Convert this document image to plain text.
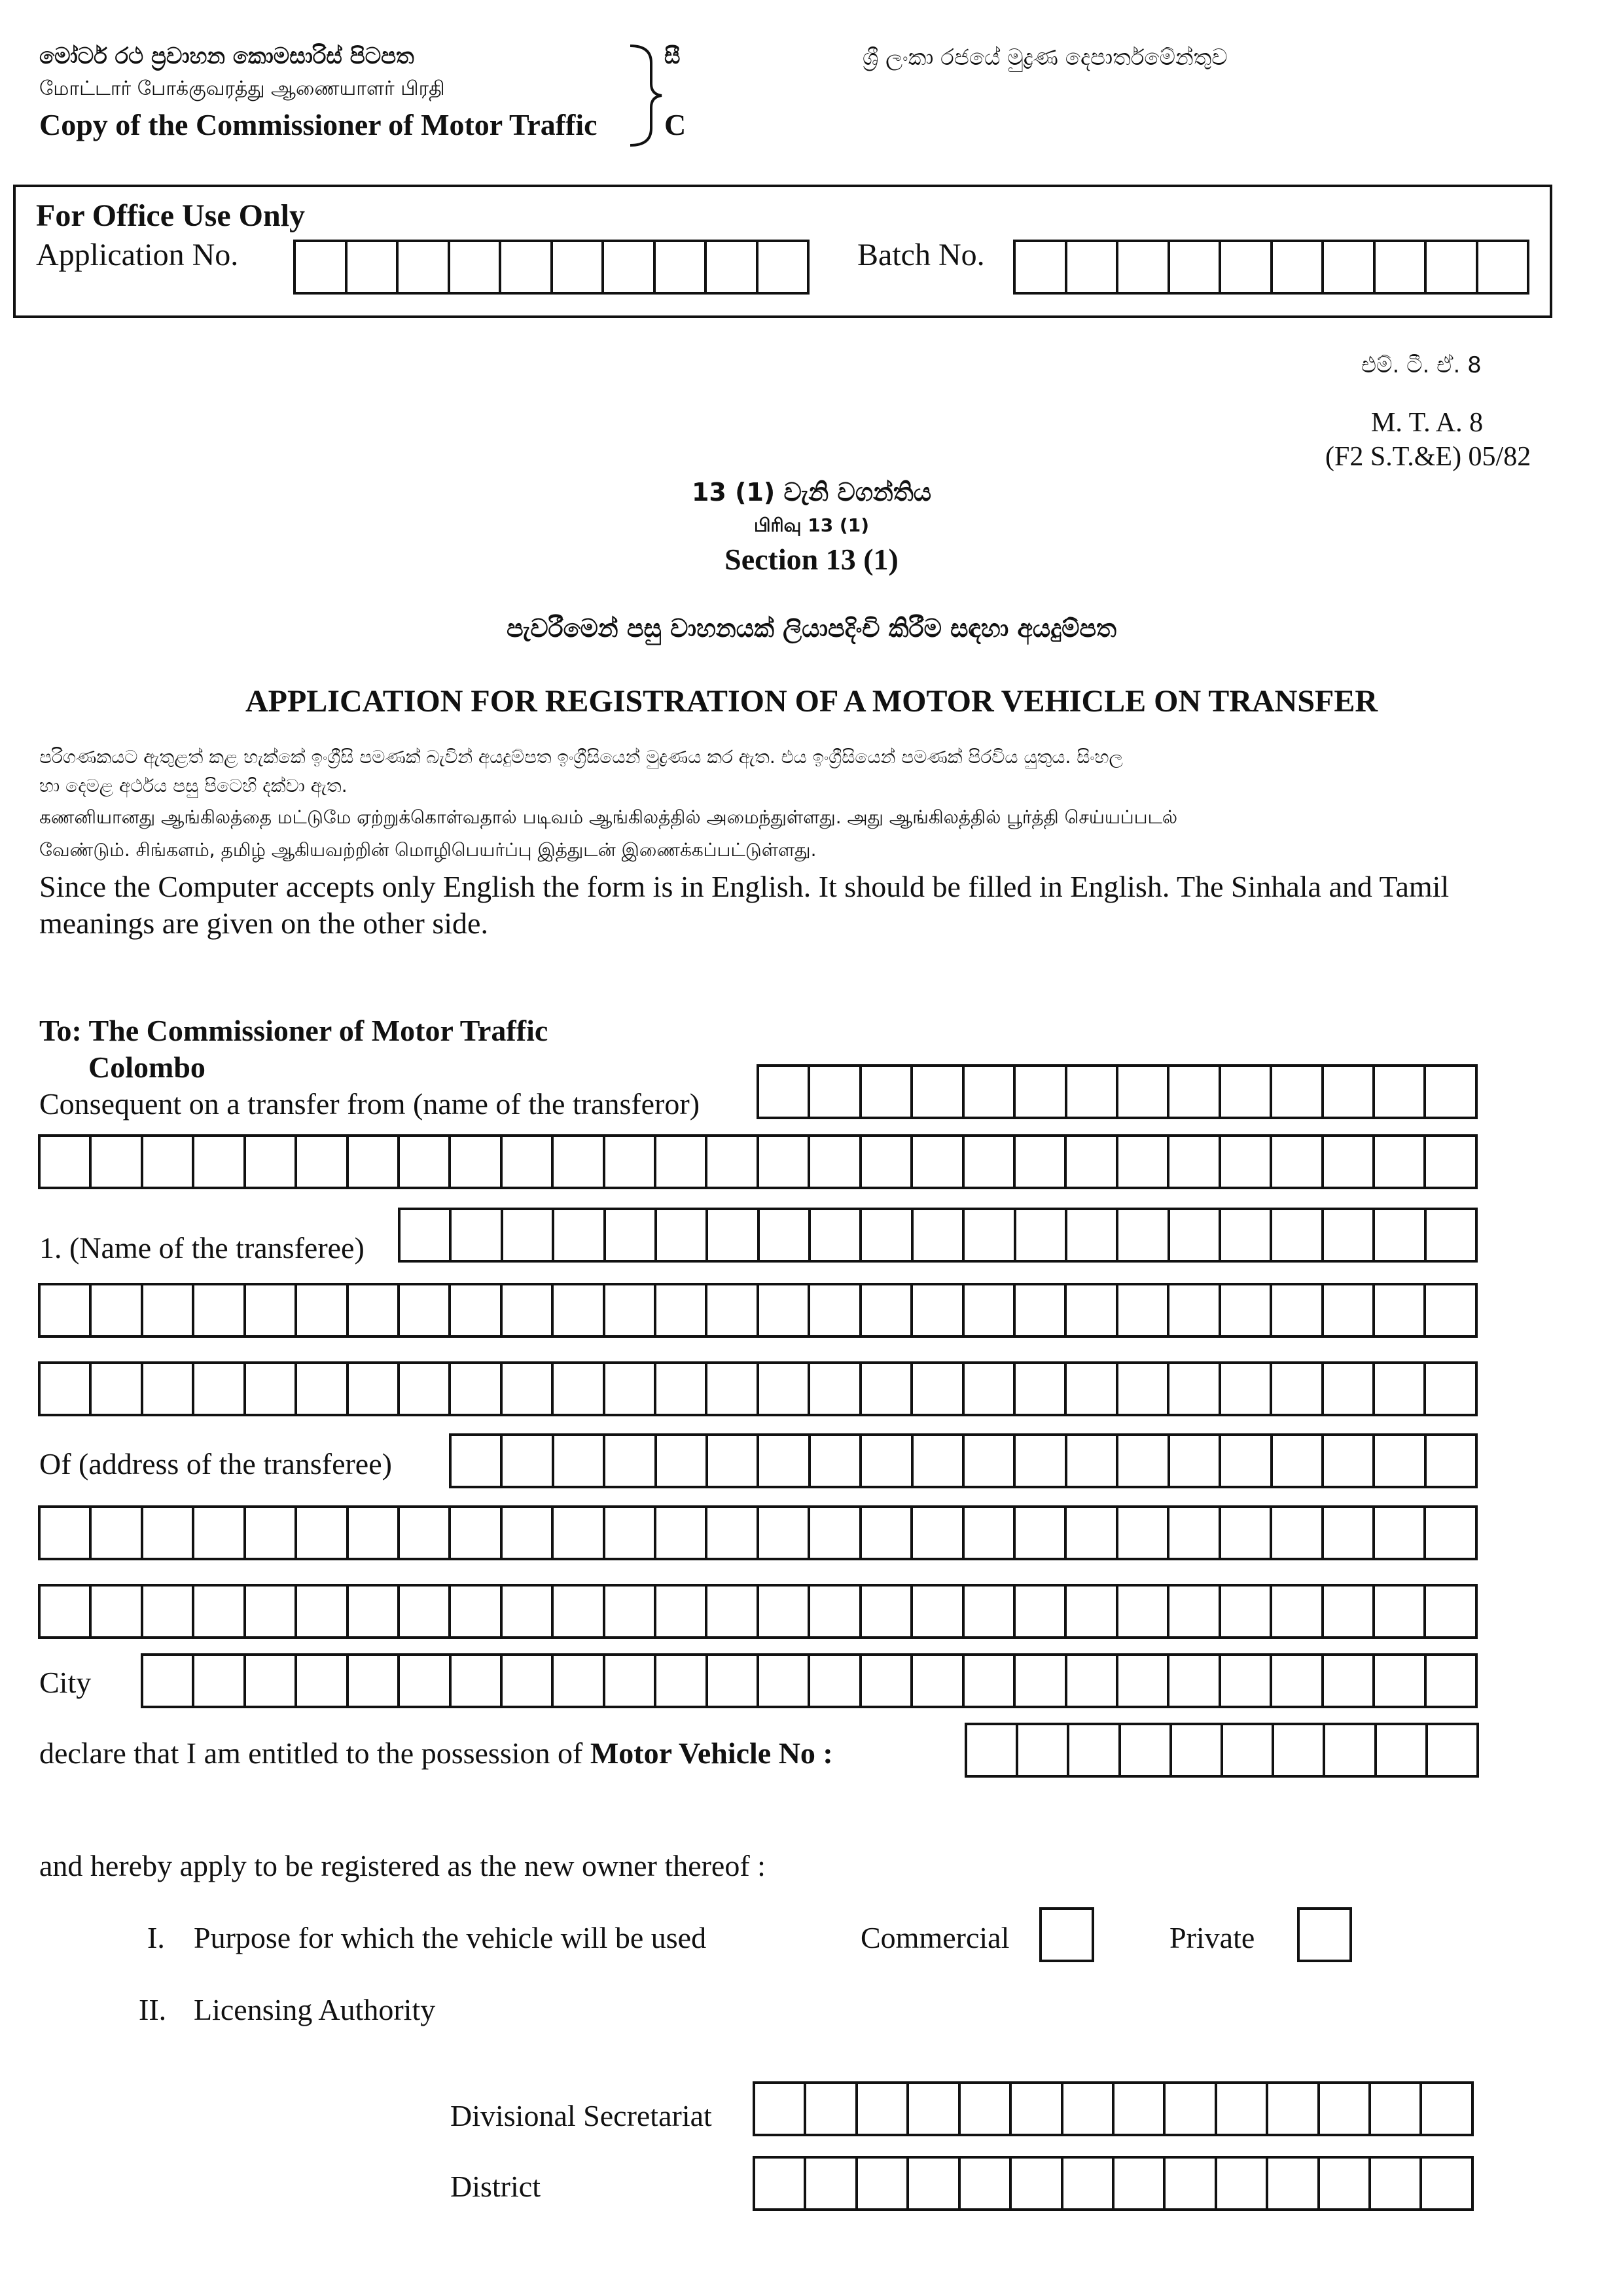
මෝටර් රථ ප්‍රවාහන කොමසාරිස් පිටපත
மோட்டார் போக்குவரத்து ஆணையாளர் பிரதி
Copy of the Commissioner of Motor Traffic
සී
C
ශ්‍රී ලංකා රජයේ මුද්‍රණ දෙපාර්තමේන්තුව
For Office Use Only
Application No.	Batch No.
එම්. ටී. ඒ. 8
M. T. A. 8
(F2 S.T.&E) 05/82
13 (1) වැනි වගන්තිය
பிரிவு 13 (1)
Section 13 (1)
පැවරීමෙන් පසු වාහනයක් ලියාපදිංචි කිරීම සඳහා අයදුම්පත
APPLICATION FOR REGISTRATION OF A MOTOR VEHICLE ON TRANSFER
පරිගණකයට ඇතුළත් කළ හැක්කේ ඉංග්‍රීසි පමණක් බැවින් අයදුම්පත ඉංග්‍රීසියෙන් මුද්‍රණය කර ඇත. එය ඉංග්‍රීසියෙන් පමණක් පිරවිය යුතුය. සිංහල
හා දෙමළ අර්ථය පසු පිටෙහි දක්වා ඇත.
கணனியானது ஆங்கிலத்தை மட்டுமே ஏற்றுக்கொள்வதால் படிவம் ஆங்கிலத்தில் அமைந்துள்ளது. அது ஆங்கிலத்தில் பூர்த்தி செய்யப்படல்
வேண்டும். சிங்களம், தமிழ் ஆகியவற்றின் மொழிபெயர்ப்பு இத்துடன் இணைக்கப்பட்டுள்ளது.
Since the Computer accepts only English the form is in English. It should be filled in English. The Sinhala and Tamil
meanings are given on the other side.
To: The Commissioner of Motor Traffic
Colombo
Consequent on a transfer from (name of the transferor)
1. (Name of the transferee)
Of (address of the transferee)
City
declare that I am entitled to the possession of Motor Vehicle No :
and hereby apply to be registered as the new owner thereof :
I. Purpose for which the vehicle will be used	Commercial	Private
II. Licensing Authority
Divisional Secretariat
District
